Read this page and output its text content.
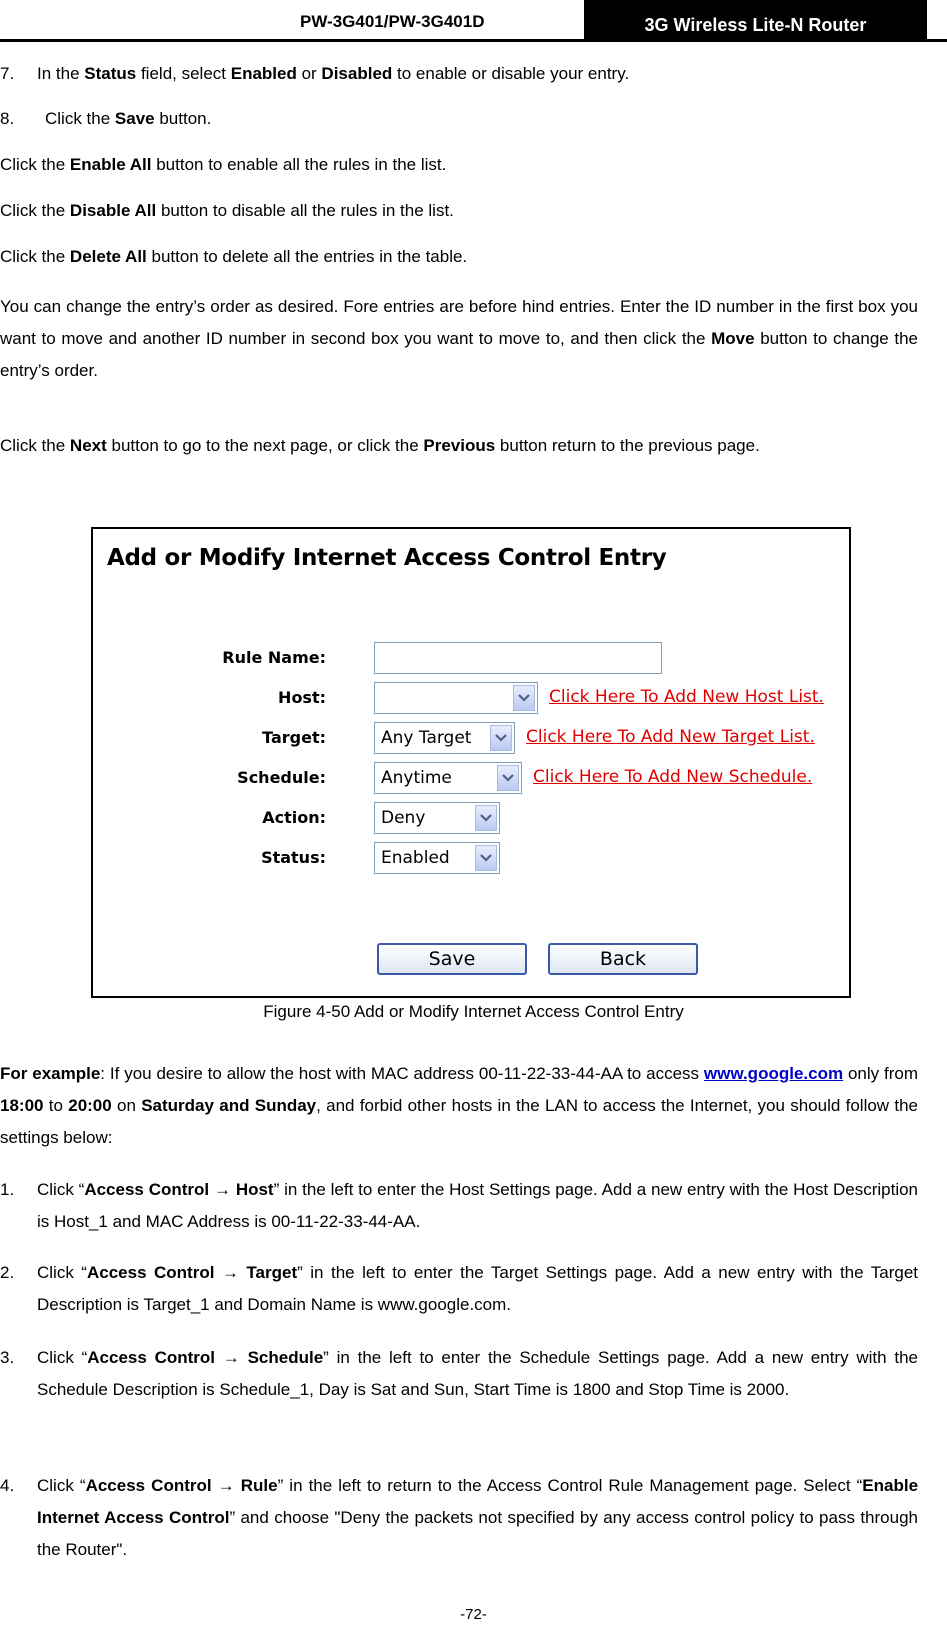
PW-3G401/PW-3G401D	3G Wireless Lite-N Router
7. In the Status field, select Enabled or Disabled to enable or disable your entry.
8. Click the Save button.
Click the Enable All button to enable all the rules in the list.
Click the Disable All button to disable all the rules in the list.
Click the Delete All button to delete all the entries in the table.
You can change the entry’s order as desired. Fore entries are before hind entries. Enter the ID number in the first box you want to move and another ID number in second box you want to move to, and then click the Move button to change the entry’s order.
Click the Next button to go to the next page, or click the Previous button return to the previous page.
Add or Modify Internet Access Control Entry
Rule Name:
Host:	Click Here To Add New Host List.
Target:	Any Target	Click Here To Add New Target List.
Schedule:	Anytime	Click Here To Add New Schedule.
Action:	Deny
Status:	Enabled
Save	Back
Figure 4-50 Add or Modify Internet Access Control Entry
For example: If you desire to allow the host with MAC address 00-11-22-33-44-AA to access www.google.com only from 18:00 to 20:00 on Saturday and Sunday, and forbid other hosts in the LAN to access the Internet, you should follow the settings below:
1. Click “Access Control → Host” in the left to enter the Host Settings page. Add a new entry with the Host Description is Host_1 and MAC Address is 00-11-22-33-44-AA.
2. Click “Access Control → Target” in the left to enter the Target Settings page. Add a new entry with the Target Description is Target_1 and Domain Name is www.google.com.
3. Click “Access Control → Schedule” in the left to enter the Schedule Settings page. Add a new entry with the Schedule Description is Schedule_1, Day is Sat and Sun, Start Time is 1800 and Stop Time is 2000.
4. Click “Access Control → Rule” in the left to return to the Access Control Rule Management page. Select “Enable Internet Access Control” and choose "Deny the packets not specified by any access control policy to pass through the Router".
-72-
